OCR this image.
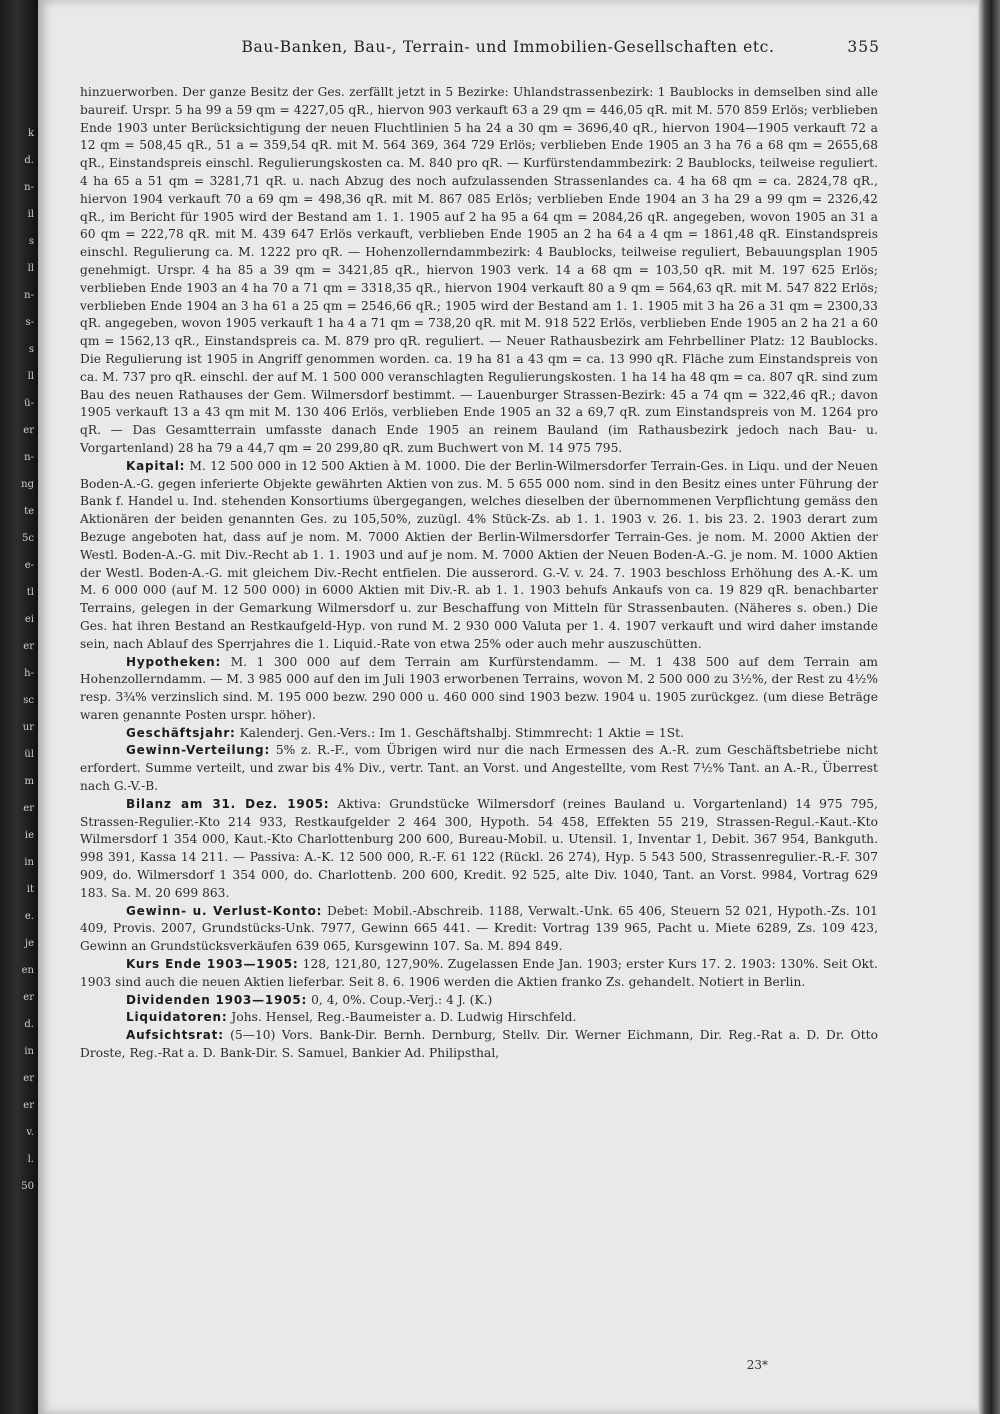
k
d.
n-
il
s
ll
n-
s-
s
ll
ü-
er
n-
ng
te
5c
e-
tl
ei
er
h-
sc
ur
ül
m
er
ie
in
it
e.
je
en
er
d.
in
er
er
v.
l.
50
Bau-Banken, Bau-, Terrain- und Immobilien-Gesellschaften etc.	355

hinzuerworben. Der ganze Besitz der Ges. zerfällt jetzt in 5 Bezirke: Uhlandstrassenbezirk: 1 Baublocks in demselben sind alle baureif. Urspr. 5 ha 99 a 59 qm = 4227,05 qR., hiervon 903 verkauft 63 a 29 qm = 446,05 qR. mit M. 570 859 Erlös; verblieben Ende 1903 unter Berücksichtigung der neuen Fluchtlinien 5 ha 24 a 30 qm = 3696,40 qR., hiervon 1904—1905 verkauft 72 a 12 qm = 508,45 qR., 51 a = 359,54 qR. mit M. 564 369, 364 729 Erlös; verblieben Ende 1905 an 3 ha 76 a 68 qm = 2655,68 qR., Einstandspreis einschl. Regulierungskosten ca. M. 840 pro qR. — Kurfürstendammbezirk: 2 Baublocks, teilweise reguliert. 4 ha 65 a 51 qm = 3281,71 qR. u. nach Abzug des noch aufzulassenden Strassenlandes ca. 4 ha 68 qm = ca. 2824,78 qR., hiervon 1904 verkauft 70 a 69 qm = 498,36 qR. mit M. 867 085 Erlös; verblieben Ende 1904 an 3 ha 29 a 99 qm = 2326,42 qR., im Bericht für 1905 wird der Bestand am 1. 1. 1905 auf 2 ha 95 a 64 qm = 2084,26 qR. angegeben, wovon 1905 an 31 a 60 qm = 222,78 qR. mit M. 439 647 Erlös verkauft, verblieben Ende 1905 an 2 ha 64 a 4 qm = 1861,48 qR. Einstandspreis einschl. Regulierung ca. M. 1222 pro qR. — Hohenzollerndammbezirk: 4 Baublocks, teilweise reguliert, Bebauungsplan 1905 genehmigt. Urspr. 4 ha 85 a 39 qm = 3421,85 qR., hiervon 1903 verk. 14 a 68 qm = 103,50 qR. mit M. 197 625 Erlös; verblieben Ende 1903 an 4 ha 70 a 71 qm = 3318,35 qR., hiervon 1904 verkauft 80 a 9 qm = 564,63 qR. mit M. 547 822 Erlös; verblieben Ende 1904 an 3 ha 61 a 25 qm = 2546,66 qR.; 1905 wird der Bestand am 1. 1. 1905 mit 3 ha 26 a 31 qm = 2300,33 qR. angegeben, wovon 1905 verkauft 1 ha 4 a 71 qm = 738,20 qR. mit M. 918 522 Erlös, verblieben Ende 1905 an 2 ha 21 a 60 qm = 1562,13 qR., Einstandspreis ca. M. 879 pro qR. reguliert. — Neuer Rathausbezirk am Fehrbelliner Platz: 12 Baublocks. Die Regulierung ist 1905 in Angriff genommen worden. ca. 19 ha 81 a 43 qm = ca. 13 990 qR. Fläche zum Einstandspreis von ca. M. 737 pro qR. einschl. der auf M. 1 500 000 veranschlagten Regulierungskosten. 1 ha 14 ha 48 qm = ca. 807 qR. sind zum Bau des neuen Rathauses der Gem. Wilmersdorf bestimmt. — Lauenburger Strassen-Bezirk: 45 a 74 qm = 322,46 qR.; davon 1905 verkauft 13 a 43 qm mit M. 130 406 Erlös, verblieben Ende 1905 an 32 a 69,7 qR. zum Einstandspreis von M. 1264 pro qR. — Das Gesamtterrain umfasste danach Ende 1905 an reinem Bauland (im Rathausbezirk jedoch nach Bau- u. Vorgartenland) 28 ha 79 a 44,7 qm = 20 299,80 qR. zum Buchwert von M. 14 975 795.

Kapital: M. 12 500 000 in 12 500 Aktien à M. 1000. Die der Berlin-Wilmersdorfer Terrain-Ges. in Liqu. und der Neuen Boden-A.-G. gegen inferierte Objekte gewährten Aktien von zus. M. 5 655 000 nom. sind in den Besitz eines unter Führung der Bank f. Handel u. Ind. stehenden Konsortiums übergegangen, welches dieselben der übernommenen Verpflichtung gemäss den Aktionären der beiden genannten Ges. zu 105,50%, zuzügl. 4% Stück-Zs. ab 1. 1. 1903 v. 26. 1. bis 23. 2. 1903 derart zum Bezuge angeboten hat, dass auf je nom. M. 7000 Aktien der Berlin-Wilmersdorfer Terrain-Ges. je nom. M. 2000 Aktien der Westl. Boden-A.-G. mit Div.-Recht ab 1. 1. 1903 und auf je nom. M. 7000 Aktien der Neuen Boden-A.-G. je nom. M. 1000 Aktien der Westl. Boden-A.-G. mit gleichem Div.-Recht entfielen. Die ausserord. G.-V. v. 24. 7. 1903 beschloss Erhöhung des A.-K. um M. 6 000 000 (auf M. 12 500 000) in 6000 Aktien mit Div.-R. ab 1. 1. 1903 behufs Ankaufs von ca. 19 829 qR. benachbarter Terrains, gelegen in der Gemarkung Wilmersdorf u. zur Beschaffung von Mitteln für Strassenbauten. (Näheres s. oben.) Die Ges. hat ihren Bestand an Restkaufgeld-Hyp. von rund M. 2 930 000 Valuta per 1. 4. 1907 verkauft und wird daher imstande sein, nach Ablauf des Sperrjahres die 1. Liquid.-Rate von etwa 25% oder auch mehr auszuschütten.

Hypotheken: M. 1 300 000 auf dem Terrain am Kurfürstendamm. — M. 1 438 500 auf dem Terrain am Hohenzollerndamm. — M. 3 985 000 auf den im Juli 1903 erworbenen Terrains, wovon M. 2 500 000 zu 3½%, der Rest zu 4½% resp. 3¾% verzinslich sind. M. 195 000 bezw. 290 000 u. 460 000 sind 1903 bezw. 1904 u. 1905 zurückgez. (um diese Beträge waren genannte Posten urspr. höher).

Geschäftsjahr: Kalenderj. Gen.-Vers.: Im 1. Geschäftshalbj. Stimmrecht: 1 Aktie = 1St.

Gewinn-Verteilung: 5% z. R.-F., vom Übrigen wird nur die nach Ermessen des A.-R. zum Geschäftsbetriebe nicht erfordert. Summe verteilt, und zwar bis 4% Div., vertr. Tant. an Vorst. und Angestellte, vom Rest 7½% Tant. an A.-R., Überrest nach G.-V.-B.

Bilanz am 31. Dez. 1905: Aktiva: Grundstücke Wilmersdorf (reines Bauland u. Vorgartenland) 14 975 795, Strassen-Regulier.-Kto 214 933, Restkaufgelder 2 464 300, Hypoth. 54 458, Effekten 55 219, Strassen-Regul.-Kaut.-Kto Wilmersdorf 1 354 000, Kaut.-Kto Charlottenburg 200 600, Bureau-Mobil. u. Utensil. 1, Inventar 1, Debit. 367 954, Bankguth. 998 391, Kassa 14 211. — Passiva: A.-K. 12 500 000, R.-F. 61 122 (Rückl. 26 274), Hyp. 5 543 500, Strassenregulier.-R.-F. 307 909, do. Wilmersdorf 1 354 000, do. Charlottenb. 200 600, Kredit. 92 525, alte Div. 1040, Tant. an Vorst. 9984, Vortrag 629 183. Sa. M. 20 699 863.

Gewinn- u. Verlust-Konto: Debet: Mobil.-Abschreib. 1188, Verwalt.-Unk. 65 406, Steuern 52 021, Hypoth.-Zs. 101 409, Provis. 2007, Grundstücks-Unk. 7977, Gewinn 665 441. — Kredit: Vortrag 139 965, Pacht u. Miete 6289, Zs. 109 423, Gewinn an Grundstücksverkäufen 639 065, Kursgewinn 107. Sa. M. 894 849.

Kurs Ende 1903—1905: 128, 121,80, 127,90%. Zugelassen Ende Jan. 1903; erster Kurs 17. 2. 1903: 130%. Seit Okt. 1903 sind auch die neuen Aktien lieferbar. Seit 8. 6. 1906 werden die Aktien franko Zs. gehandelt. Notiert in Berlin.

Dividenden 1903—1905: 0, 4, 0%. Coup.-Verj.: 4 J. (K.)

Liquidatoren: Johs. Hensel, Reg.-Baumeister a. D. Ludwig Hirschfeld.

Aufsichtsrat: (5—10) Vors. Bank-Dir. Bernh. Dernburg, Stellv. Dir. Werner Eichmann, Dir. Reg.-Rat a. D. Dr. Otto Droste, Reg.-Rat a. D. Bank-Dir. S. Samuel, Bankier Ad. Philipsthal,

23*
